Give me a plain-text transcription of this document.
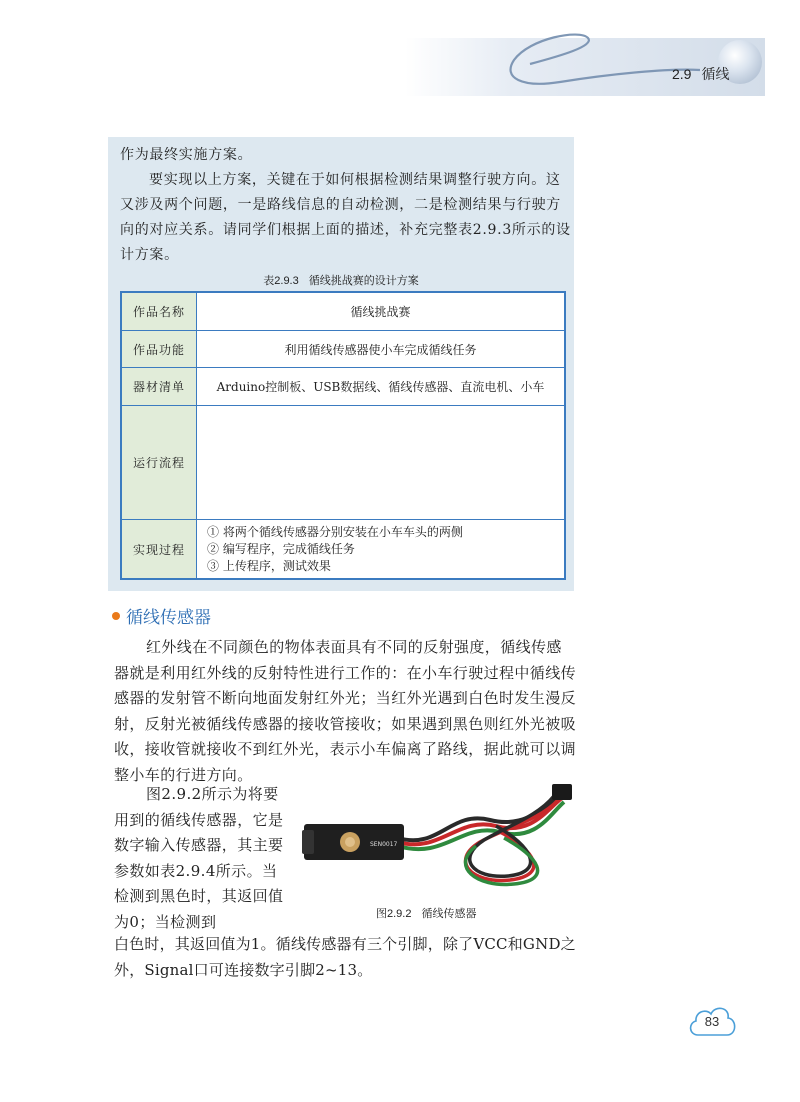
2.9 循线

作为最终实施方案。

要实现以上方案，关键在于如何根据检测结果调整行驶方向。这又涉及两个问题，一是路线信息的自动检测，二是检测结果与行驶方向的对应关系。请同学们根据上面的描述，补充完整表2.9.3所示的设计方案。

表2.9.3 循线挑战赛的设计方案
作品名称	循线挑战赛
作品功能	利用循线传感器使小车完成循线任务
器材清单	Arduino控制板、USB数据线、循线传感器、直流电机、小车
运行流程	
实现过程	① 将两个循线传感器分别安装在小车车头的两侧
② 编写程序，完成循线任务
③ 上传程序，测试效果
循线传感器

红外线在不同颜色的物体表面具有不同的反射强度，循线传感器就是利用红外线的反射特性进行工作的：在小车行驶过程中循线传感器的发射管不断向地面发射红外光；当红外光遇到白色时发生漫反射，反射光被循线传感器的接收管接收；如果遇到黑色则红外光被吸收，接收管就接收不到红外光，表示小车偏离了路线，据此就可以调整小车的行进方向。

图2.9.2所示为将要用到的循线传感器，它是数字输入传感器，其主要参数如表2.9.4所示。当检测到黑色时，其返回值为0；当检测到

SEN0017
图2.9.2 循线传感器

白色时，其返回值为1。循线传感器有三个引脚，除了VCC和GND之外，Signal口可连接数字引脚2~13。

83
